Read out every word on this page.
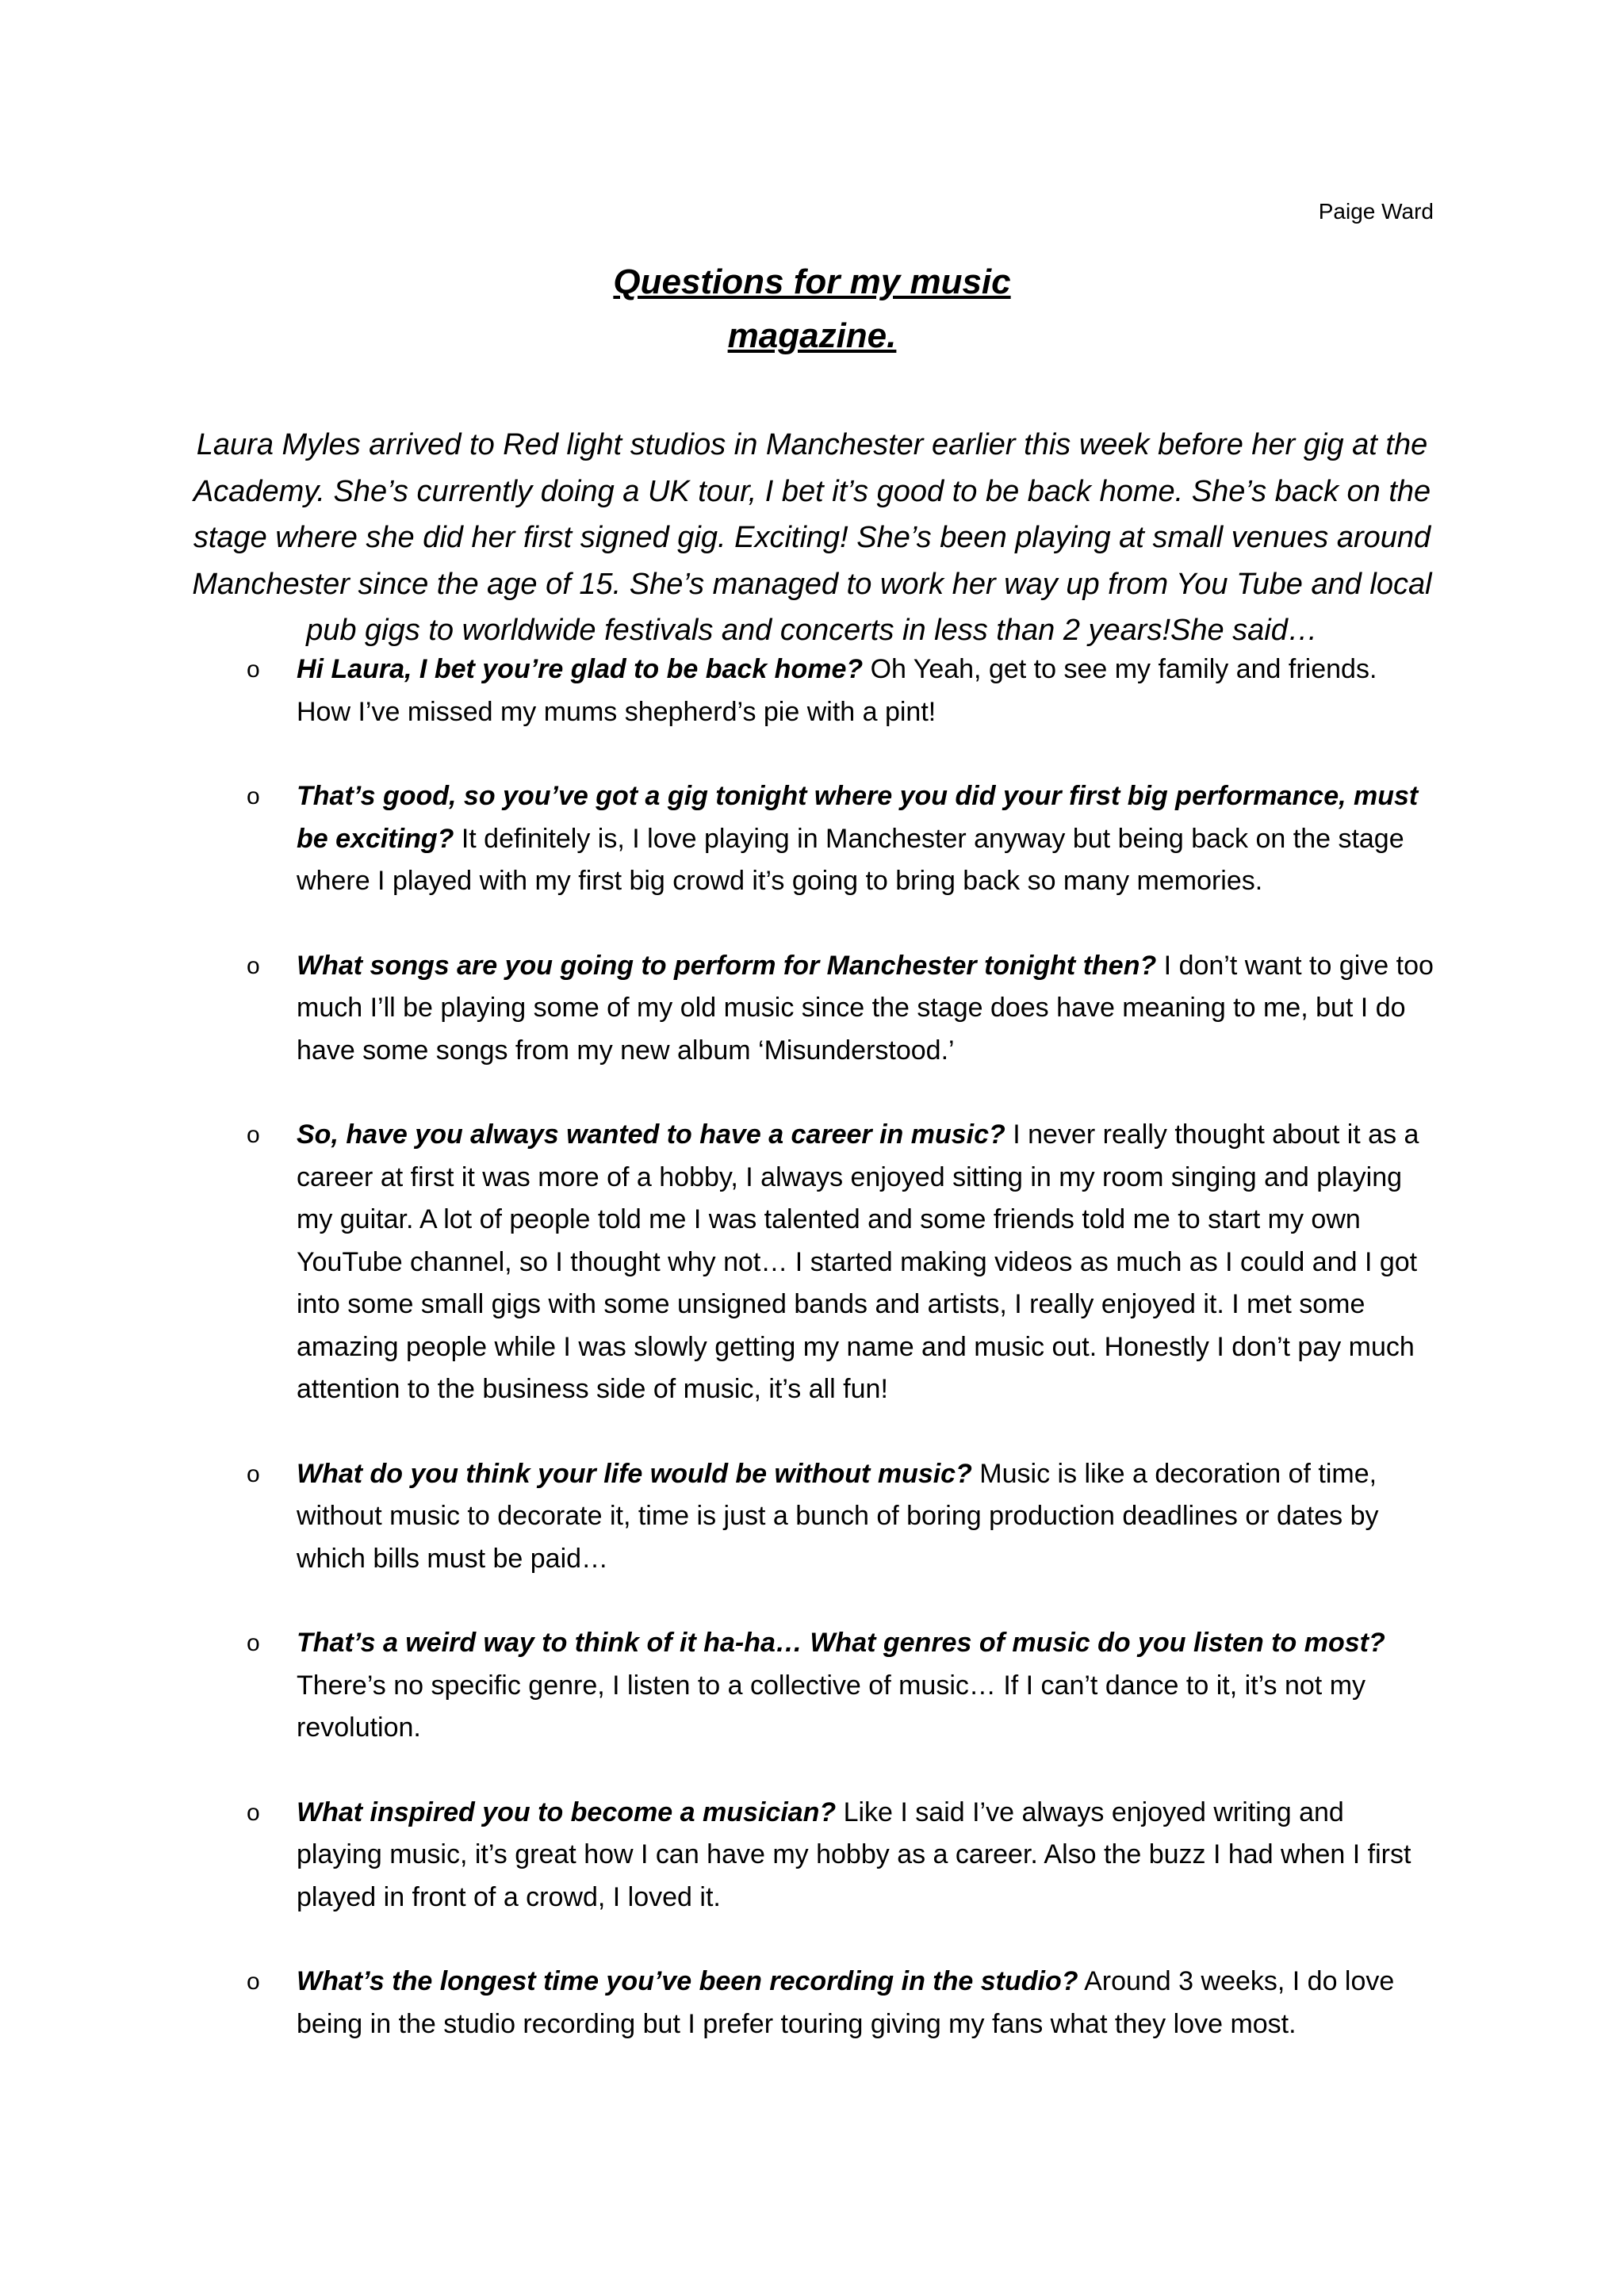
Paige Ward
Questions for my music
magazine.

Laura Myles arrived to Red light studios in Manchester earlier this week before her gig at the Academy. She’s currently doing a UK tour, I bet it’s good to be back home. She’s back on the stage where she did her first signed gig. Exciting! She’s been playing at small venues around Manchester since the age of 15. She’s managed to work her way up from You Tube and local pub gigs to worldwide festivals and concerts in less than 2 years!She said…

o Hi Laura, I bet you’re glad to be back home? Oh Yeah, get to see my family and friends. How I’ve missed my mums shepherd’s pie with a pint!
o That’s good, so you’ve got a gig tonight where you did your first big performance, must be exciting? It definitely is, I love playing in Manchester anyway but being back on the stage where I played with my first big crowd it’s going to bring back so many memories.
o What songs are you going to perform for Manchester tonight then? I don’t want to give too much I’ll be playing some of my old music since the stage does have meaning to me, but I do have some songs from my new album ‘Misunderstood.’
o So, have you always wanted to have a career in music? I never really thought about it as a career at first it was more of a hobby, I always enjoyed sitting in my room singing and playing my guitar. A lot of people told me I was talented and some friends told me to start my own YouTube channel, so I thought why not… I started making videos as much as I could and I got into some small gigs with some unsigned bands and artists, I really enjoyed it. I met some amazing people while I was slowly getting my name and music out. Honestly I don’t pay much attention to the business side of music, it’s all fun!
o What do you think your life would be without music? Music is like a decoration of time, without music to decorate it, time is just a bunch of boring production deadlines or dates by which bills must be paid…
o That’s a weird way to think of it ha-ha… What genres of music do you listen to most? There’s no specific genre, I listen to a collective of music… If I can’t dance to it, it’s not my revolution.
o What inspired you to become a musician? Like I said I’ve always enjoyed writing and playing music, it’s great how I can have my hobby as a career. Also the buzz I had when I first played in front of a crowd, I loved it.
o What’s the longest time you’ve been recording in the studio? Around 3 weeks, I do love being in the studio recording but I prefer touring giving my fans what they love most.
